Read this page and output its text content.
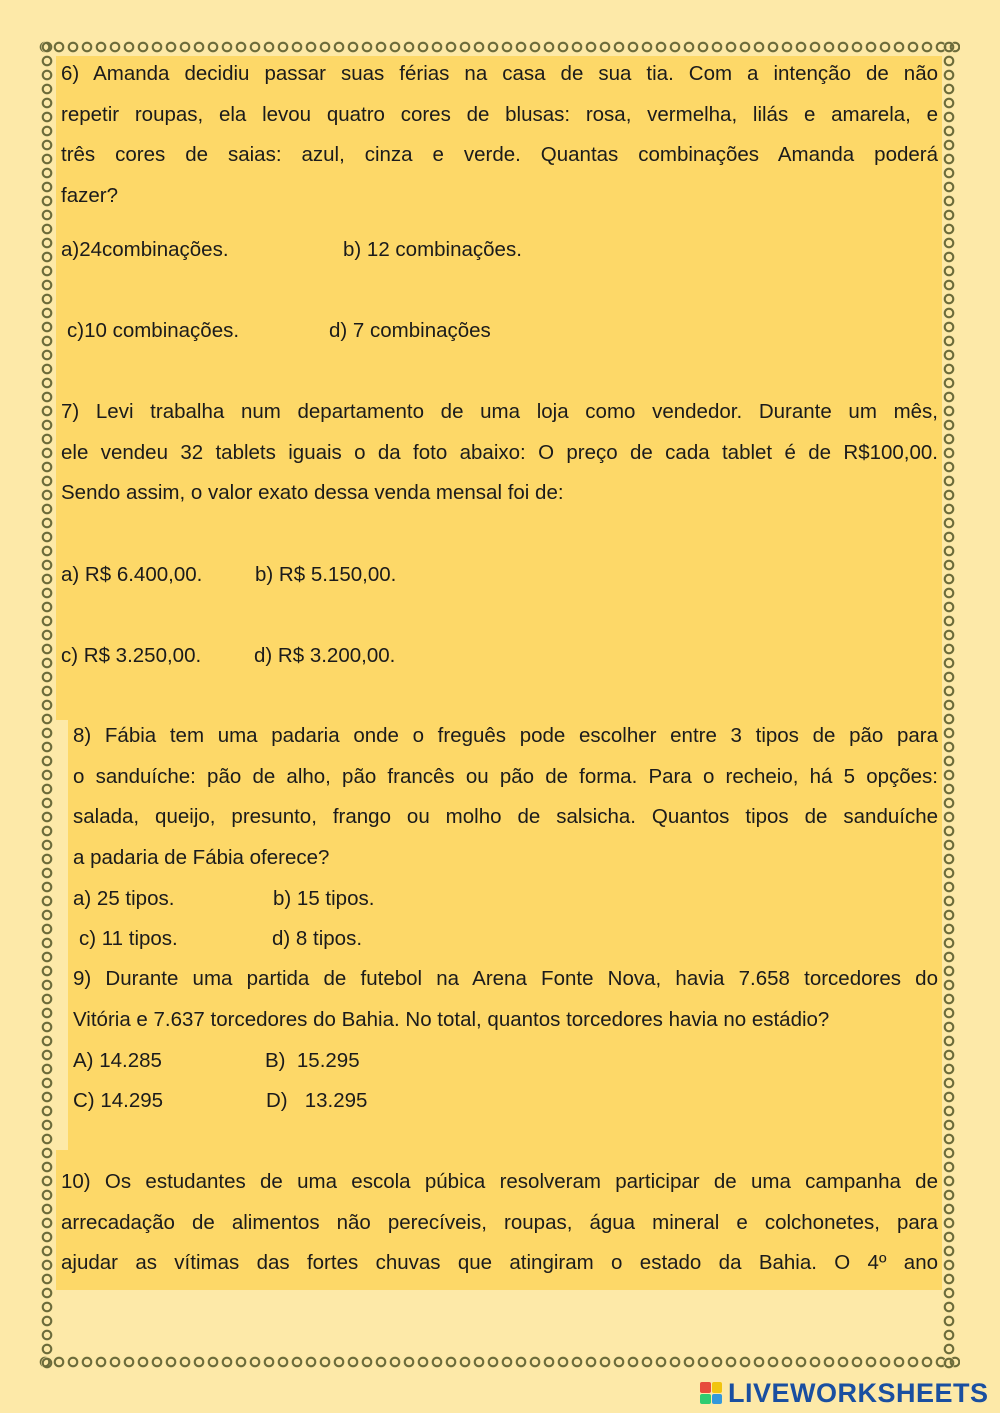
6) Amanda decidiu passar suas férias na casa de sua tia. Com a intenção de não
repetir roupas, ela levou quatro cores de blusas: rosa, vermelha, lilás e amarela, e
três cores de saias: azul, cinza e verde. Quantas combinações Amanda poderá
fazer?
a)24combinações.	b) 12 combinações.
c)10 combinações.	d) 7 combinações
7) Levi trabalha num departamento de uma loja como vendedor. Durante um mês,
ele vendeu 32 tablets iguais o da foto abaixo: O preço de cada tablet é de R$100,00.
Sendo assim, o valor exato dessa venda mensal foi de:
a) R$ 6.400,00.	b) R$ 5.150,00.
c) R$ 3.250,00.	d) R$ 3.200,00.
8) Fábia tem uma padaria onde o freguês pode escolher entre 3 tipos de pão para
o sanduíche: pão de alho, pão francês ou pão de forma. Para o recheio, há 5 opções:
salada, queijo, presunto, frango ou molho de salsicha. Quantos tipos de sanduíche
a padaria de Fábia oferece?
a) 25 tipos.	b) 15 tipos.
c) 11 tipos.	d) 8 tipos.
9) Durante uma partida de futebol na Arena Fonte Nova, havia 7.658 torcedores do
Vitória e 7.637 torcedores do Bahia. No total, quantos torcedores havia no estádio?
A) 14.285	B)  15.295
C) 14.295	D)   13.295
10) Os estudantes de uma escola púbica resolveram participar de uma campanha de
arrecadação de alimentos não perecíveis, roupas, água mineral e colchonetes, para
ajudar as vítimas das fortes chuvas que atingiram o estado da Bahia. O 4º ano
LIVEWORKSHEETS
